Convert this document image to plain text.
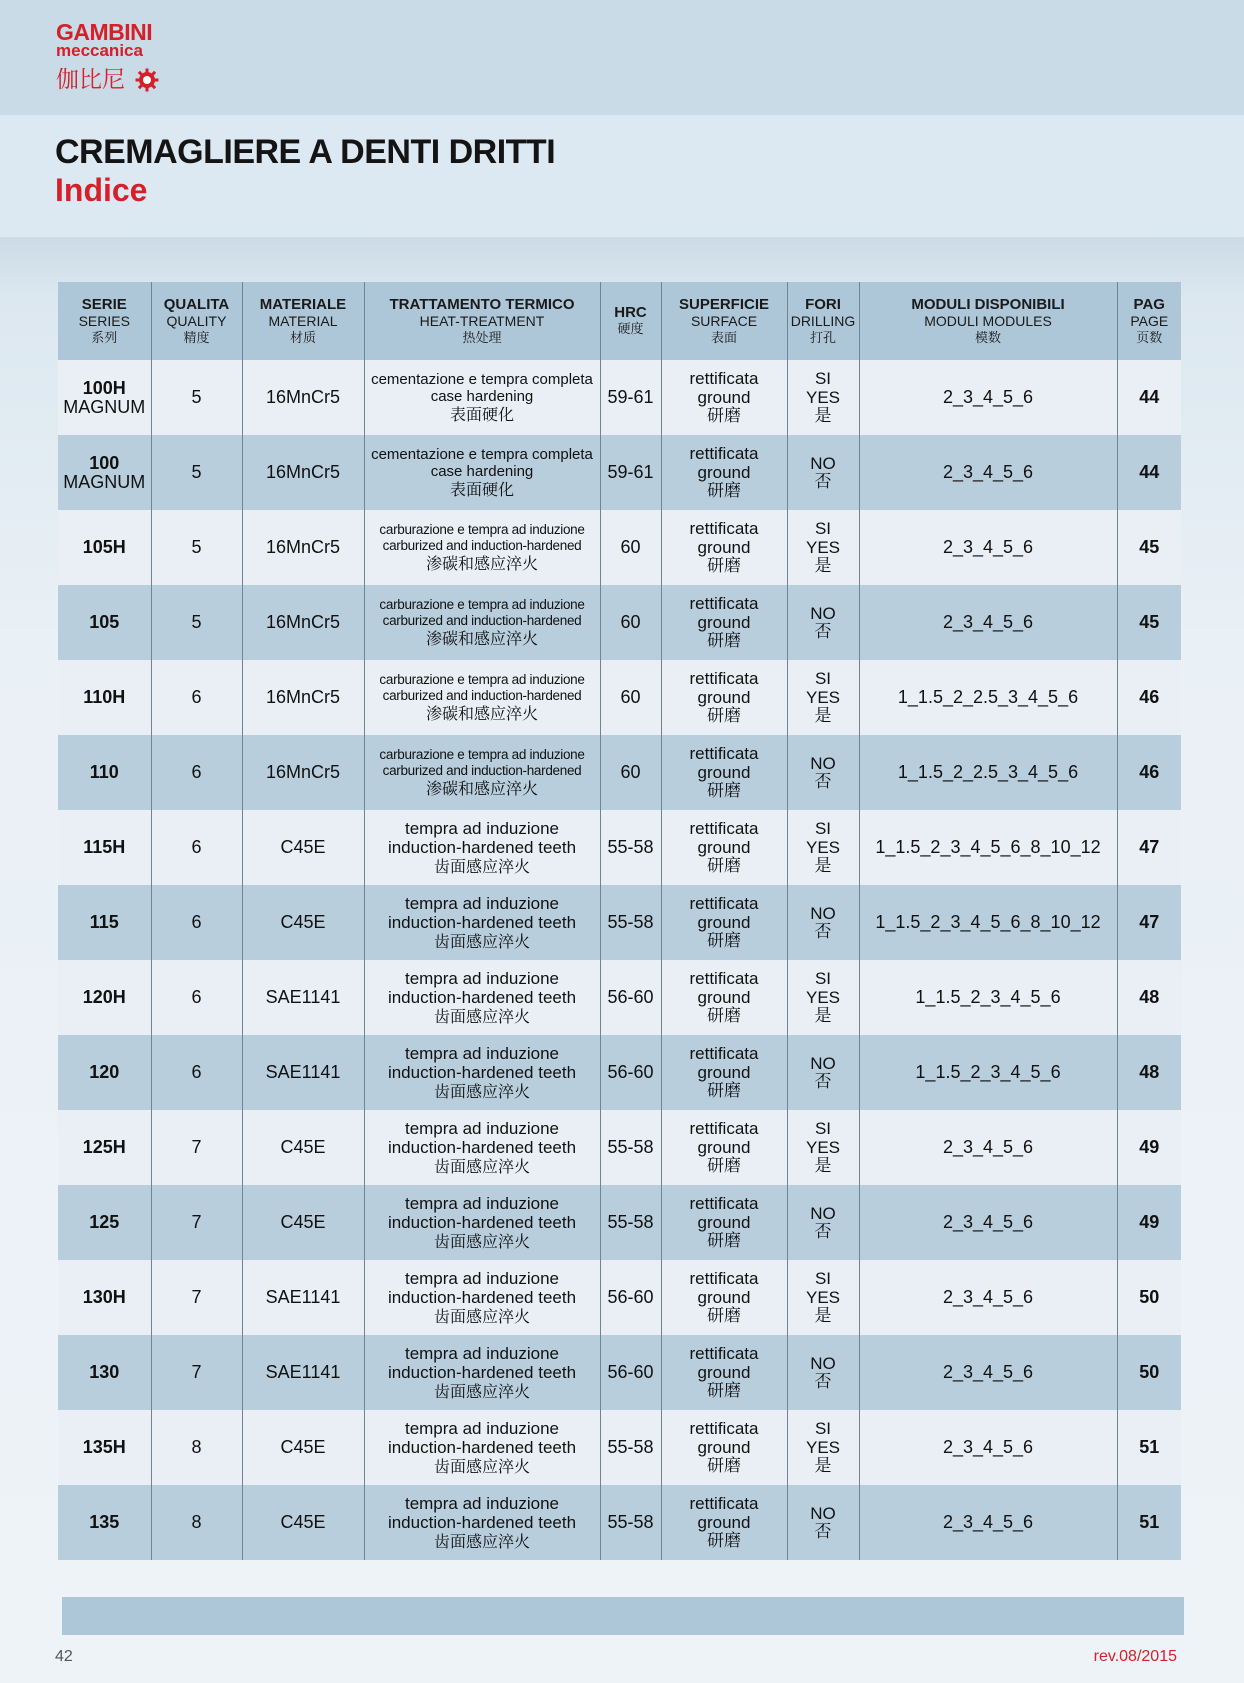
GAMBINI
meccanica
伽比尼
CREMAGLIERE A DENTI DRITTI
Indice
SERIE
SERIES
系列	QUALITA
QUALITY
精度	MATERIALE
MATERIAL
材质	TRATTAMENTO TERMICO
HEAT-TREATMENT
热处理	HRC
硬度	SUPERFICIE
SURFACE
表面	FORI
DRILLING
打孔	MODULI DISPONIBILI
MODULI MODULES
模数	PAG
PAGE
页数

100H
MAGNUM	5	16MnCr5	cementazione e tempra completa
case hardening
表面硬化	59-61	rettificata
ground
研磨	SI
YES
是	2_3_4_5_6	44
100
MAGNUM	5	16MnCr5	cementazione e tempra completa
case hardening
表面硬化	59-61	rettificata
ground
研磨	NO
否	2_3_4_5_6	44
105H	5	16MnCr5	carburazione e tempra ad induzione
carburized and induction-hardened
渗碳和感应淬火	60	rettificata
ground
研磨	SI
YES
是	2_3_4_5_6	45
105	5	16MnCr5	carburazione e tempra ad induzione
carburized and induction-hardened
渗碳和感应淬火	60	rettificata
ground
研磨	NO
否	2_3_4_5_6	45
110H	6	16MnCr5	carburazione e tempra ad induzione
carburized and induction-hardened
渗碳和感应淬火	60	rettificata
ground
研磨	SI
YES
是	1_1.5_2_2.5_3_4_5_6	46
110	6	16MnCr5	carburazione e tempra ad induzione
carburized and induction-hardened
渗碳和感应淬火	60	rettificata
ground
研磨	NO
否	1_1.5_2_2.5_3_4_5_6	46
115H	6	C45E	tempra ad induzione
induction-hardened teeth
齿面感应淬火	55-58	rettificata
ground
研磨	SI
YES
是	1_1.5_2_3_4_5_6_8_10_12	47
115	6	C45E	tempra ad induzione
induction-hardened teeth
齿面感应淬火	55-58	rettificata
ground
研磨	NO
否	1_1.5_2_3_4_5_6_8_10_12	47
120H	6	SAE1141	tempra ad induzione
induction-hardened teeth
齿面感应淬火	56-60	rettificata
ground
研磨	SI
YES
是	1_1.5_2_3_4_5_6	48
120	6	SAE1141	tempra ad induzione
induction-hardened teeth
齿面感应淬火	56-60	rettificata
ground
研磨	NO
否	1_1.5_2_3_4_5_6	48
125H	7	C45E	tempra ad induzione
induction-hardened teeth
齿面感应淬火	55-58	rettificata
ground
研磨	SI
YES
是	2_3_4_5_6	49
125	7	C45E	tempra ad induzione
induction-hardened teeth
齿面感应淬火	55-58	rettificata
ground
研磨	NO
否	2_3_4_5_6	49
130H	7	SAE1141	tempra ad induzione
induction-hardened teeth
齿面感应淬火	56-60	rettificata
ground
研磨	SI
YES
是	2_3_4_5_6	50
130	7	SAE1141	tempra ad induzione
induction-hardened teeth
齿面感应淬火	56-60	rettificata
ground
研磨	NO
否	2_3_4_5_6	50
135H	8	C45E	tempra ad induzione
induction-hardened teeth
齿面感应淬火	55-58	rettificata
ground
研磨	SI
YES
是	2_3_4_5_6	51
135	8	C45E	tempra ad induzione
induction-hardened teeth
齿面感应淬火	55-58	rettificata
ground
研磨	NO
否	2_3_4_5_6	51
42	rev.08/2015
